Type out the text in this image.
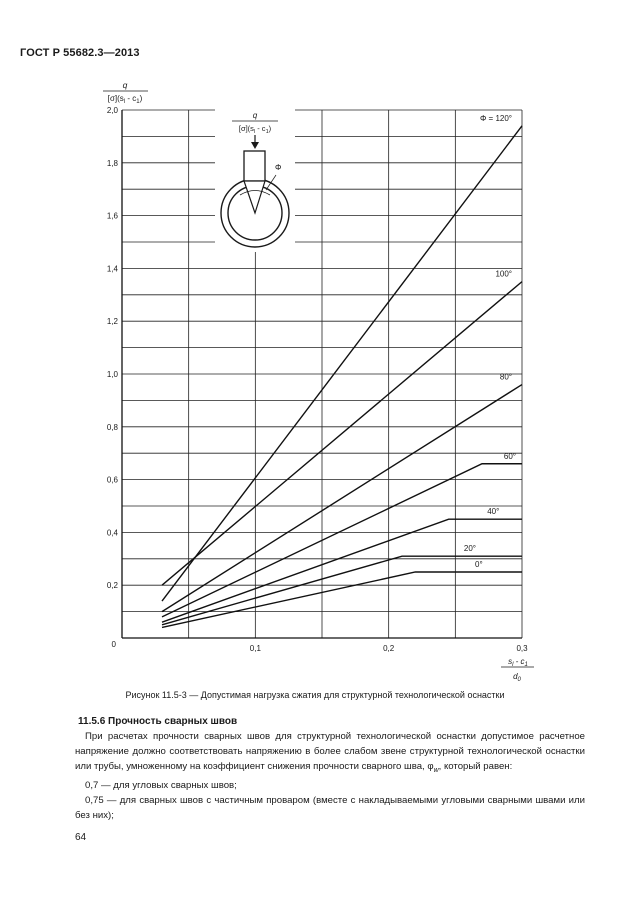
ГОСТ Р 55682.3—2013
0,2
0,4
0,6
0,8
1,0
1,2
1,4
1,6
1,8
2,0
0,1	0,2	0,3
0
Φ = 120°
100°
80°
60°
40°
20°
0°
q
$[\sigma](s_l - c_1)$
$s_l - c_1$
$d_0$
q
$[\sigma](s_l - c_1)$
Φ
Рисунок 11.5-3 — Допустимая нагрузка сжатия для структурной технологической оснастки
11.5.6 Прочность сварных швов

При расчетах прочности сварных швов для структурной технологической оснастки допустимое расчетное напряжение должно соответствовать напряжению в более слабом звене структурной технологической оснастки или трубы, умноженному на коэффициент снижения прочности сварного шва, $\varphi_w$, который равен:

0,7 — для угловых сварных швов;

0,75 — для сварных швов с частичным проваром (вместе с накладываемыми угловыми сварными швами или без них);

64
